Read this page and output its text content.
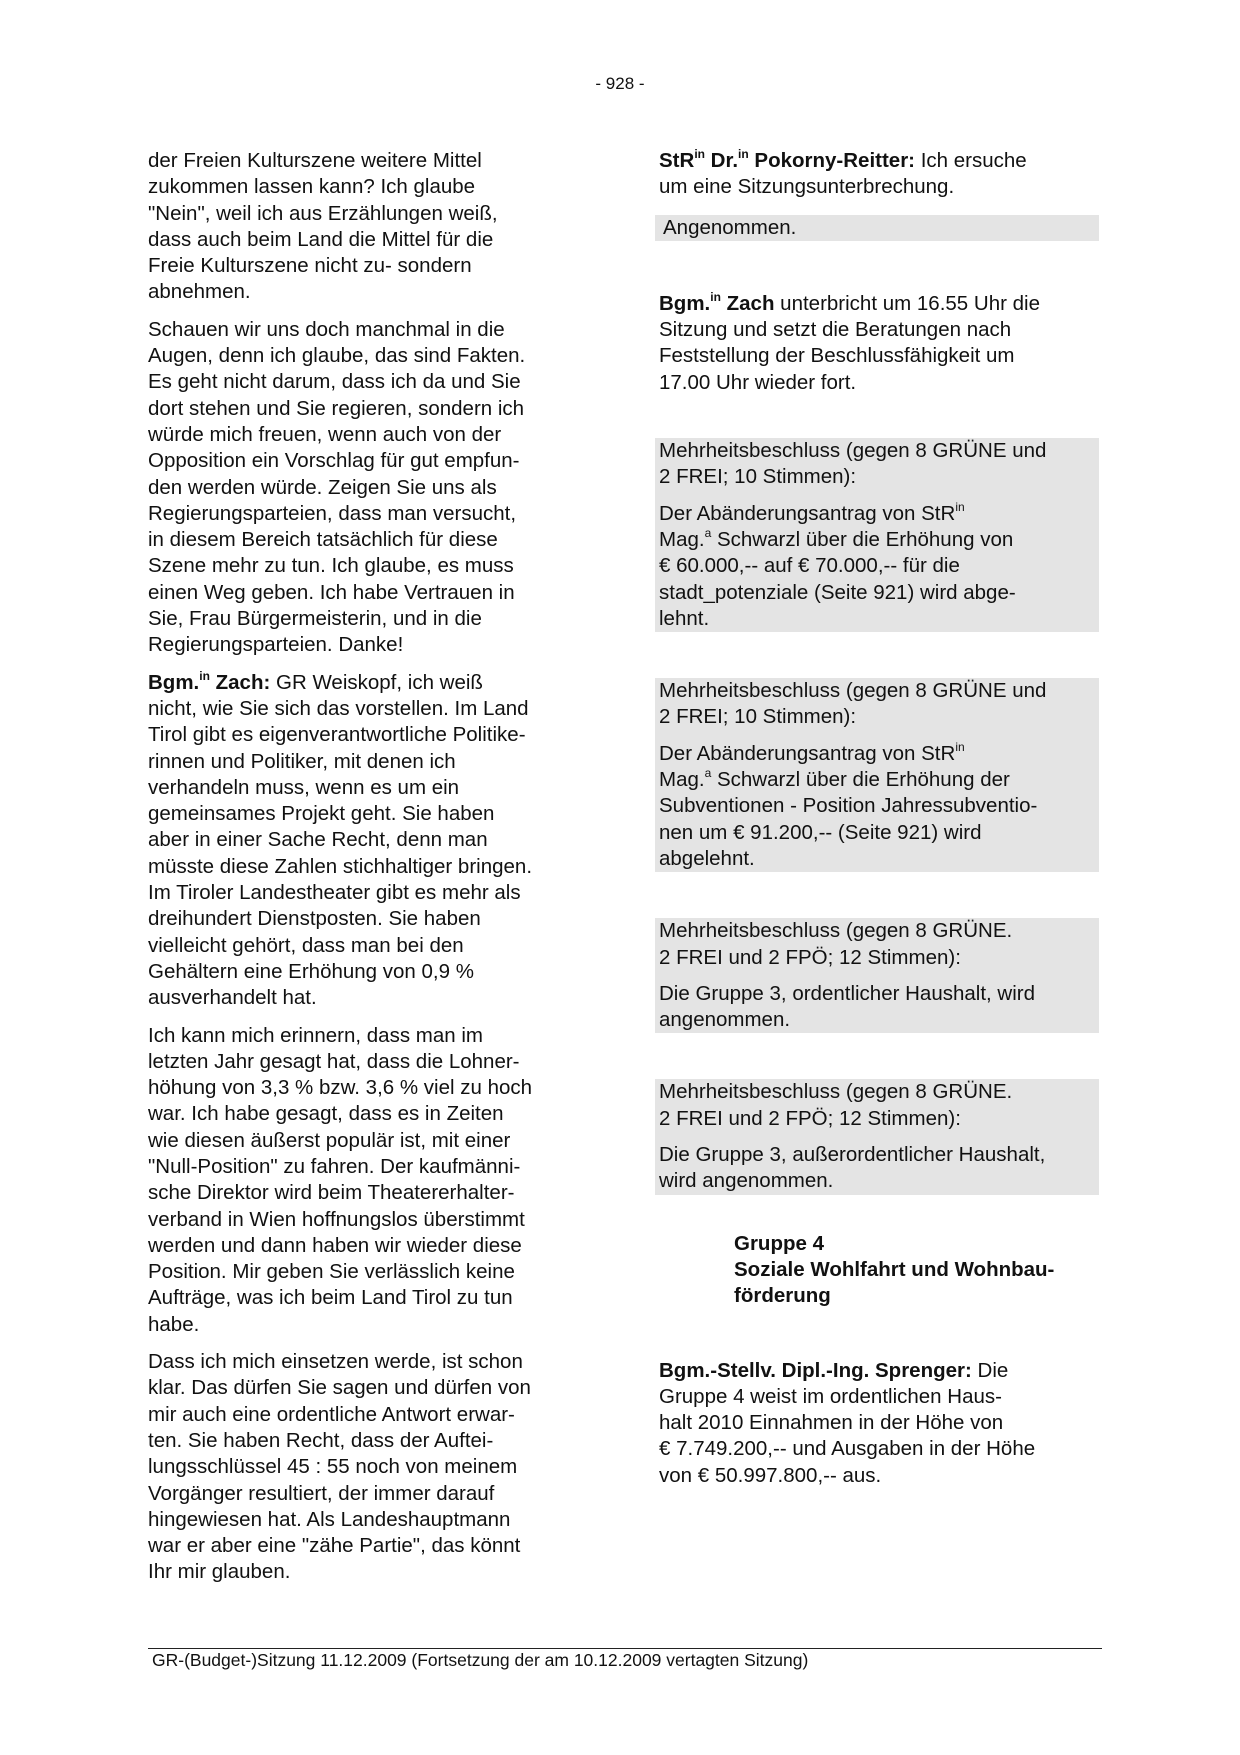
- 928 -

der Freien Kulturszene weitere Mittel
zukommen lassen kann? Ich glaube
"Nein", weil ich aus Erzählungen weiß,
dass auch beim Land die Mittel für die
Freie Kulturszene nicht zu- sondern
abnehmen.

Schauen wir uns doch manchmal in die
Augen, denn ich glaube, das sind Fakten.
Es geht nicht darum, dass ich da und Sie
dort stehen und Sie regieren, sondern ich
würde mich freuen, wenn auch von der
Opposition ein Vorschlag für gut empfun-
den werden würde. Zeigen Sie uns als
Regierungsparteien, dass man versucht,
in diesem Bereich tatsächlich für diese
Szene mehr zu tun. Ich glaube, es muss
einen Weg geben. Ich habe Vertrauen in
Sie, Frau Bürgermeisterin, und in die
Regierungsparteien. Danke!

Bgm.$^{in}$ Zach: GR Weiskopf, ich weiß
nicht, wie Sie sich das vorstellen. Im Land
Tirol gibt es eigenverantwortliche Politike-
rinnen und Politiker, mit denen ich
verhandeln muss, wenn es um ein
gemeinsames Projekt geht. Sie haben
aber in einer Sache Recht, denn man
müsste diese Zahlen stichhaltiger bringen.
Im Tiroler Landestheater gibt es mehr als
dreihundert Dienstposten. Sie haben
vielleicht gehört, dass man bei den
Gehältern eine Erhöhung von 0,9 %
ausverhandelt hat.

Ich kann mich erinnern, dass man im
letzten Jahr gesagt hat, dass die Lohner-
höhung von 3,3 % bzw. 3,6 % viel zu hoch
war. Ich habe gesagt, dass es in Zeiten
wie diesen äußerst populär ist, mit einer
"Null-Position" zu fahren. Der kaufmänni-
sche Direktor wird beim Theatererhalter-
verband in Wien hoffnungslos überstimmt
werden und dann haben wir wieder diese
Position. Mir geben Sie verlässlich keine
Aufträge, was ich beim Land Tirol zu tun
habe.

Dass ich mich einsetzen werde, ist schon
klar. Das dürfen Sie sagen und dürfen von
mir auch eine ordentliche Antwort erwar-
ten. Sie haben Recht, dass der Auftei-
lungsschlüssel 45 : 55 noch von meinem
Vorgänger resultiert, der immer darauf
hingewiesen hat. Als Landeshauptmann
war er aber eine "zähe Partie", das könnt
Ihr mir glauben.

StR$^{in}$ Dr.$^{in}$ Pokorny-Reitter: Ich ersuche
um eine Sitzungsunterbrechung.

Angenommen.

Bgm.$^{in}$ Zach unterbricht um 16.55 Uhr die
Sitzung und setzt die Beratungen nach
Feststellung der Beschlussfähigkeit um
17.00 Uhr wieder fort.

Mehrheitsbeschluss (gegen 8 GRÜNE und
2 FREI; 10 Stimmen):

Der Abänderungsantrag von StR$^{in}$
Mag.$^a$ Schwarzl über die Erhöhung von
€ 60.000,-- auf € 70.000,-- für die
stadt_potenziale (Seite 921) wird abge-
lehnt.

Mehrheitsbeschluss (gegen 8 GRÜNE und
2 FREI; 10 Stimmen):

Der Abänderungsantrag von StR$^{in}$
Mag.$^a$ Schwarzl über die Erhöhung der
Subventionen - Position Jahressubventio-
nen um € 91.200,-- (Seite 921) wird
abgelehnt.

Mehrheitsbeschluss (gegen 8 GRÜNE.
2 FREI und 2 FPÖ; 12 Stimmen):

Die Gruppe 3, ordentlicher Haushalt, wird
angenommen.

Mehrheitsbeschluss (gegen 8 GRÜNE.
2 FREI und 2 FPÖ; 12 Stimmen):

Die Gruppe 3, außerordentlicher Haushalt,
wird angenommen.

Gruppe 4
Soziale Wohlfahrt und Wohnbau-
förderung

Bgm.-Stellv. Dipl.-Ing. Sprenger: Die
Gruppe 4 weist im ordentlichen Haus-
halt 2010 Einnahmen in der Höhe von
€ 7.749.200,-- und Ausgaben in der Höhe
von € 50.997.800,-- aus.

GR-(Budget-)Sitzung 11.12.2009 (Fortsetzung der am 10.12.2009 vertagten Sitzung)
